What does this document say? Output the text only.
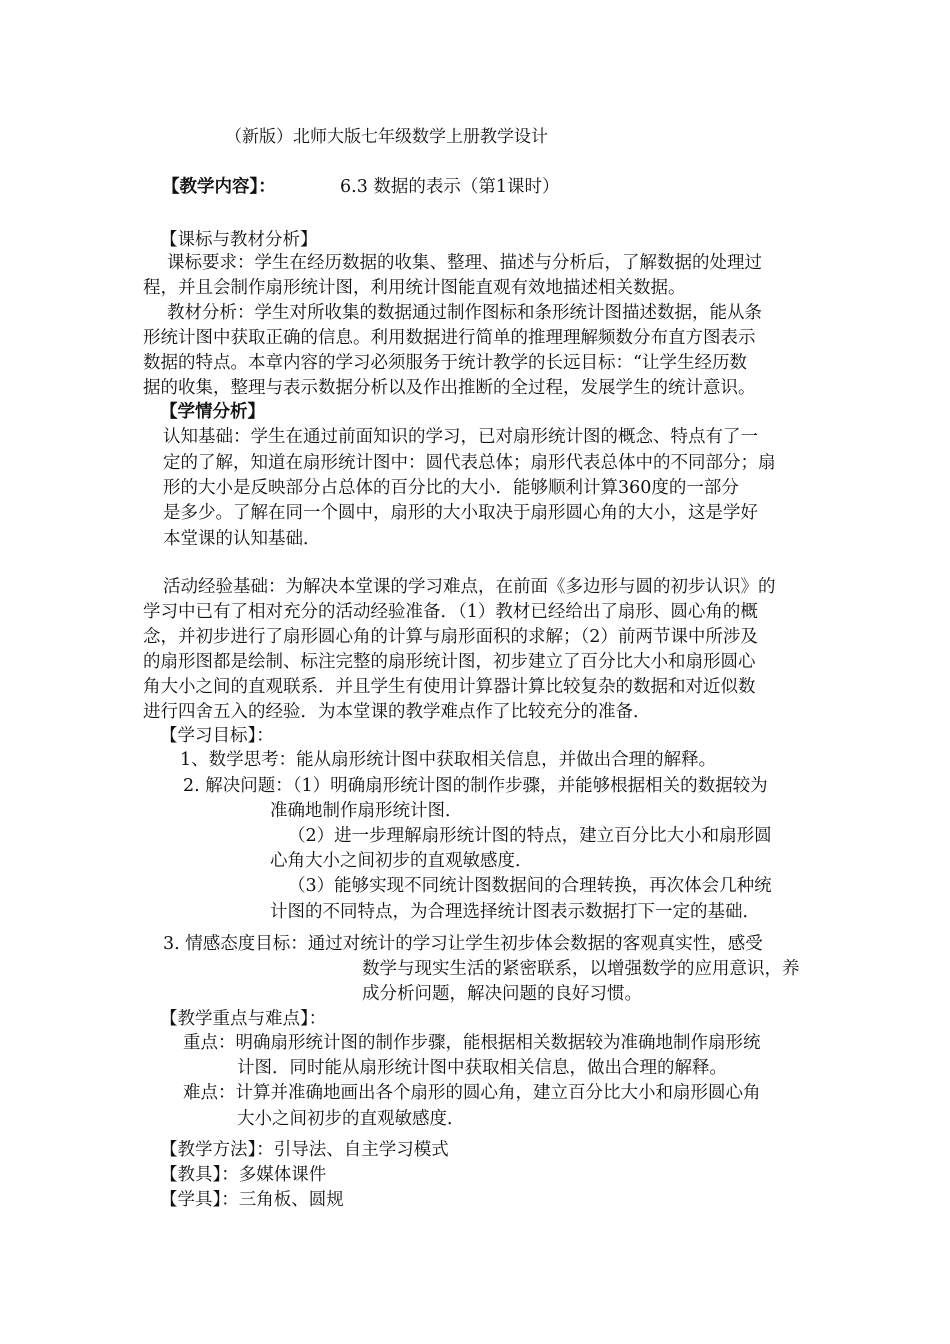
（新版）北师大版七年级数学上册教学设计
【教学内容】：	6.3 数据的表示（第1课时）
【课标与教材分析】
课标要求：学生在经历数据的收集、整理、描述与分析后，了解数据的处理过
程，并且会制作扇形统计图，利用统计图能直观有效地描述相关数据。
教材分析：学生对所收集的数据通过制作图标和条形统计图描述数据，能从条
形统计图中获取正确的信息。利用数据进行简单的推理理解频数分布直方图表示
数据的特点。本章内容的学习必须服务于统计教学的长远目标：“让学生经历数
据的收集，整理与表示数据分析以及作出推断的全过程，发展学生的统计意识。
【学情分析】
认知基础：学生在通过前面知识的学习，已对扇形统计图的概念、特点有了一
定的了解，知道在扇形统计图中：圆代表总体；扇形代表总体中的不同部分；扇
形的大小是反映部分占总体的百分比的大小．能够顺利计算360度的一部分
是多少。了解在同一个圆中，扇形的大小取决于扇形圆心角的大小，这是学好
本堂课的认知基础．
活动经验基础：为解决本堂课的学习难点，在前面《多边形与圆的初步认识》的
学习中已有了相对充分的活动经验准备．（1）教材已经给出了扇形、圆心角的概
念，并初步进行了扇形圆心角的计算与扇形面积的求解；（2）前两节课中所涉及
的扇形图都是绘制、标注完整的扇形统计图，初步建立了百分比大小和扇形圆心
角大小之间的直观联系．并且学生有使用计算器计算比较复杂的数据和对近似数
进行四舍五入的经验．为本堂课的教学难点作了比较充分的准备．
【学习目标】：
1、数学思考：能从扇形统计图中获取相关信息，并做出合理的解释。
2. 解决问题：（1）明确扇形统计图的制作步骤，并能够根据相关的数据较为
准确地制作扇形统计图．
（2）进一步理解扇形统计图的特点，建立百分比大小和扇形圆
心角大小之间初步的直观敏感度．
（3）能够实现不同统计图数据间的合理转换，再次体会几种统
计图的不同特点，为合理选择统计图表示数据打下一定的基础．
3. 情感态度目标：通过对统计的学习让学生初步体会数据的客观真实性，感受
数学与现实生活的紧密联系，以增强数学的应用意识，养
成分析问题，解决问题的良好习惯。
【教学重点与难点】：
重点：明确扇形统计图的制作步骤，能根据相关数据较为准确地制作扇形统
计图．同时能从扇形统计图中获取相关信息，做出合理的解释。
难点：计算并准确地画出各个扇形的圆心角，建立百分比大小和扇形圆心角
大小之间初步的直观敏感度．
【教学方法】：引导法、自主学习模式
【教具】：多媒体课件
【学具】：三角板、圆规
